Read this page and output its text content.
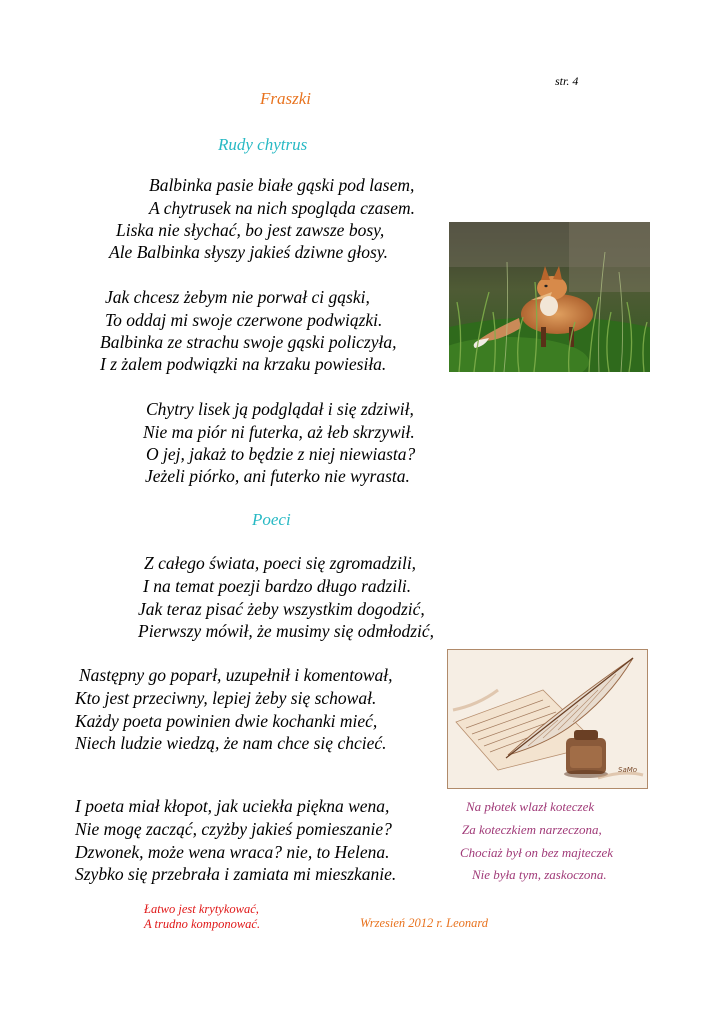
str. 4
Fraszki
Rudy chytrus
Balbinka pasie białe gąski pod lasem,
A chytrusek na nich spogląda czasem.
Liska nie słychać, bo jest zawsze bosy,
Ale Balbinka słyszy jakieś dziwne głosy.
Jak chcesz żebym nie porwał ci gąski,
To oddaj mi swoje czerwone podwiązki.
Balbinka ze strachu swoje gąski policzyła,
I z żalem podwiązki na krzaku powiesiła.
Chytry lisek ją podglądał i się zdziwił,
Nie ma piór ni futerka, aż łeb skrzywił.
O jej, jakaż to będzie z niej niewiasta?
Jeżeli piórko, ani futerko nie wyrasta.
Poeci
Z całego świata, poeci się zgromadzili,
I na temat poezji bardzo długo radzili.
Jak teraz pisać żeby wszystkim dogodzić,
Pierwszy mówił, że musimy się odmłodzić,
Następny go poparł, uzupełnił i komentował,
Kto jest przeciwny, lepiej żeby się schował.
Każdy poeta powinien dwie kochanki mieć,
Niech ludzie wiedzą, że nam chce się chcieć.
SaMo
I poeta miał kłopot, jak uciekła piękna wena,
Nie mogę zacząć, czyżby jakieś pomieszanie?
Dzwonek, może wena wraca? nie, to Helena.
Szybko się przebrała i zamiata mi mieszkanie.
Na płotek wlazł koteczek
Za koteczkiem narzeczona,
Chociaż był on bez majteczek
Nie była tym, zaskoczona.
Łatwo jest krytykować,
A trudno komponować.	Wrzesień 2012 r. Leonard
